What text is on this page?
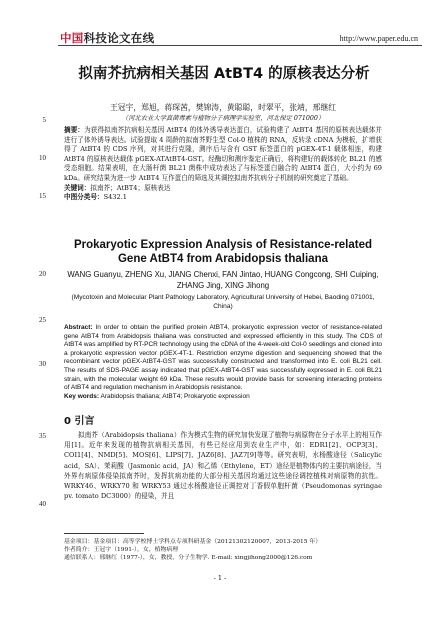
中国科技论文在线	http://www.paper.edu.cn
拟南芥抗病相关基因 AtBT4 的原核表达分析
王冠宇，郑旭，蒋琛茜，樊锦涛，黄聪聪，时翠平，张靖，邢继红
（河北农业大学真菌毒素与植物分子病理学实验室，河北保定 071000）
摘要：为获得拟南芥抗病相关基因 AtBT4 的体外诱导表达蛋白，试验构建了 AtBT4 基因的原核表达载体并进行了体外诱导表达。试验提取 4 周龄的拟南芥野生型 Col-0 植株的 RNA，反转录 cDNA 为模板，扩增获得了 AtBT4 的 CDS 序列，对其进行克隆，测序后与含有 GST 标签蛋白的 pGEX-4T-1 载体相连，构建 AtBT4 的原核表达载体 pGEX-ATAtBT4-GST。经酶切和测序鉴定正确后，将构建好的载体转化 BL21 的感受态细胞。结果表明，在大肠杆菌 BL21 菌株中成功表达了与标签蛋白融合的 AtBT4 蛋白，大小约为 69 kDa。研究结果为进一步 AtBT4 互作蛋白的筛选及其调控拟南芥抗病分子机制的研究奠定了基础。
关键词：拟南芥；AtBT4；原核表达
中图分类号：S432.1
Prokaryotic Expression Analysis of Resistance-related Gene AtBT4 from Arabidopsis thaliana
WANG Guanyu, ZHENG Xu, JIANG Chenxi, FAN Jintao, HUANG Congcong, SHI Cuiping, ZHANG Jing, XING Jihong
(Mycotoxin and Molecular Plant Pathology Laboratory, Agricultural University of Hebei, Baoding 071001, China)
Abstract: In order to obtain the purified protein AtBT4, prokaryotic expression vector of resistance-related gene AtBT4 from Arabidopsis thaliana was constructed and expressed efficiently in this study. The CDS of AtBT4 was amplified by RT-PCR technology using the cDNA of the 4-week-old Col-0 seedlings and cloned into a prokaryotic expression vector pGEX-4T-1. Restriction enzyme digestion and sequencing showed that the recombinant vector pGEX-AtBT4-GST was successfully constructed and transformed into E. coli BL21 cell. The results of SDS-PAGE assay indicated that pGEX-AtBT4-GST was successfully expressed in E. coli BL21 strain, with the molecular weight 69 kDa. These results would provide basis for screening interacting proteins of AtBT4 and regulation mechanism in Arabidopsis resistance.
Key words: Arabidopsis thaliana; AtBT4; Prokaryotic expression
0 引言
拟南芥（Arabidopsis thaliana）作为模式生物的研究加快发现了植物与病原物在分子水平上的相互作用[1]。近年来发现的植物抗病相关基因，有些已经应用到农业生产中，如：EDR1[2]、OCP3[3]、COI1[4]、NMD[5]、MOS[6]、LIPS[7]、JAZ6[8]、JAZ7[9]等等。研究表明，水杨酸途径（Salicylic acid，SA）、茉莉酸（Jasmonic acid，JA）和乙烯（Ethylene，ET）途径是植物体内的主要抗病途径，当外界有病原体侵染拟南芥时，发挥抗病功能的大部分相关基因均通过这些途径调控植株对病原物的抗性。WRKY46、WRKY70 和 WRKY53 通过水杨酸途径正调控对丁香假单胞杆菌（Pseudomonas syringae pv. tomato DC3000）的侵染，并且
基金项目：基金项目：高等学校博士学科点专项科研基金（20121302120007，2013-2015 年）
作者简介：王冠宇（1991-），女，植物病理
通信联系人：邢继红（1977-），女，教授，分子生物学. E-mail: xingjihong2000@126.com
5
10
15
20
25
30
35
40
- 1 -
